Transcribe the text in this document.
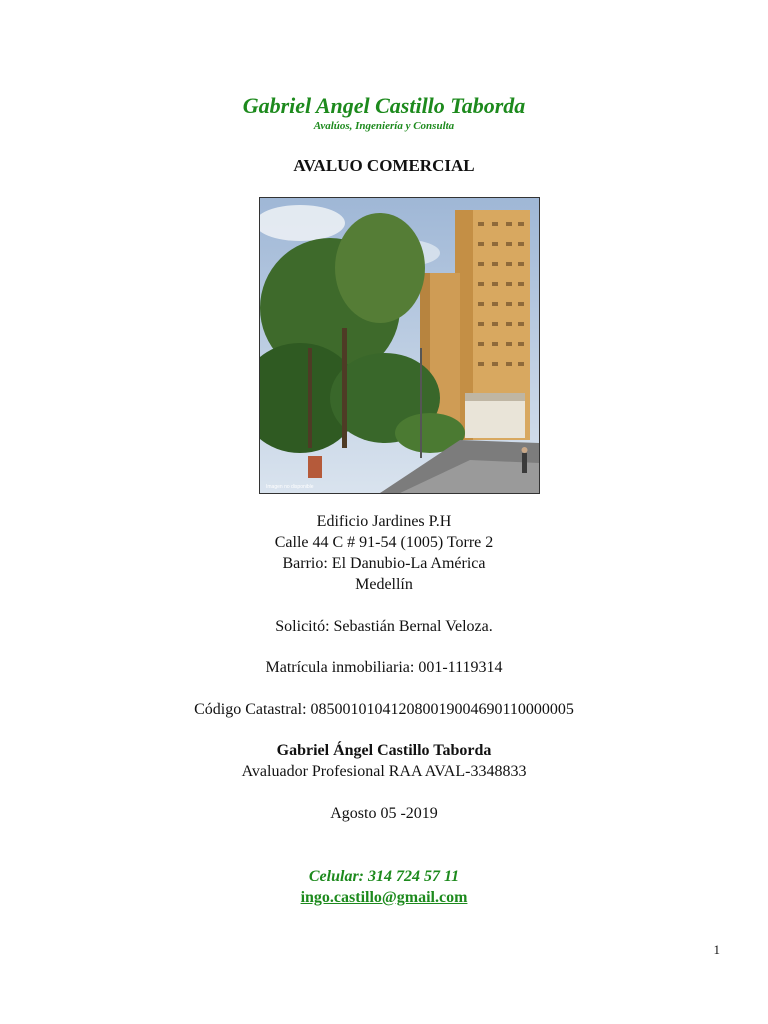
Gabriel Angel Castillo Taborda
Avalúos, Ingeniería y Consulta
AVALUO COMERCIAL
Imagen no disponible
Edificio Jardines P.H
Calle 44 C # 91-54 (1005) Torre 2
Barrio: El Danubio-La América
Medellín
Solicitó: Sebastián Bernal Veloza.
Matrícula inmobiliaria: 001-1119314
Código Catastral: 085001010412080019004690110000005
Gabriel Ángel Castillo Taborda
Avaluador Profesional RAA AVAL-3348833
Agosto 05 -2019
Celular: 314 724 57 11
ingo.castillo@gmail.com
1
